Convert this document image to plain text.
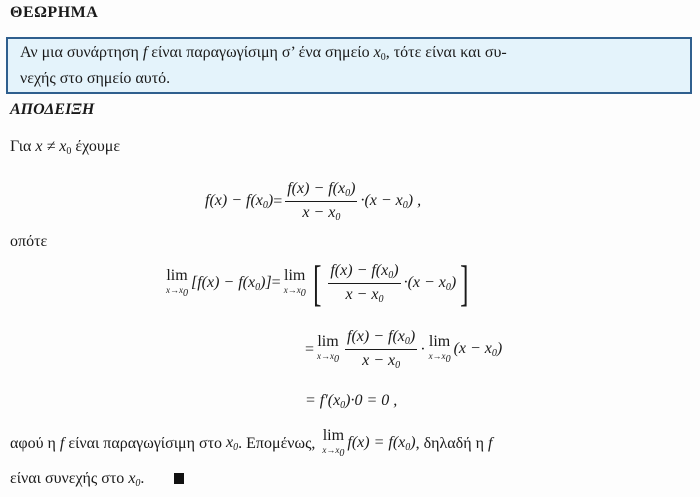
ΘΕΩΡΗΜΑ
Αν μια συνάρτηση f είναι παραγωγίσιμη σ’ ένα σημείο $x_0$, τότε είναι και συ-
νεχής στο σημείο αυτό.
ΑΠΟΔΕΙΞΗ
Για $x \ne x_0$ έχουμε
$f(x) - f(x_0) = \frac{f(x) - f(x_0)}{x - x_0} \cdot(x - x_0)$ ,
οπότε
lim
$x\to x_0$
$[f(x) - f(x_0)] = \lim$
$x\to x_0$ [ $\frac{f(x) - f(x_0)}{x - x_0} \cdot(x - x_0)$ ]
= lim
$x\to x_0 \frac{f(x) - f(x_0)}{x - x_0} \cdot \lim$
$x\to x_0$
$(x - x_0)$
= $f'(x_0)\cdot 0 = 0$ ,
αφού η
f
είναι παραγωγίσιμη στο
$x_0$ . Επομένως,
lim
$x\to x_0$
$f(x) = f(x_0)$ , δηλαδή η
f
είναι συνεχής στο $x_0$.
